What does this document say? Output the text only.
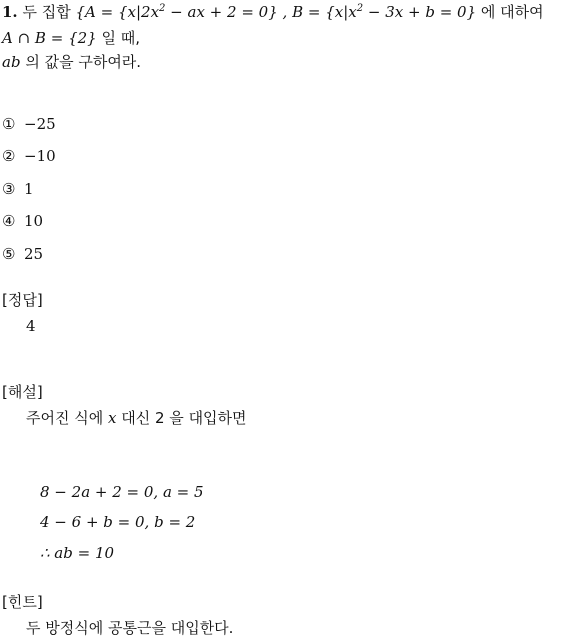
1. 두 집합 {$A = \{x|2x^2$ − ax + 2 = 0} , $B = \{x|x^2 - 3x + b = 0\}$ 에 대하여
A ∩ B = {2} 일 때,
ab 의 값을 구하여라.
① −25
② −10
③ 1
④ 10
⑤ 25
[정답]
4
[해설]
주어진 식에 x 대신 2 을 대입하면
8 − 2a + 2 = 0, a = 5
4 − 6 + b = 0, b = 2
∴ ab = 10
[힌트]
두 방정식에 공통근을 대입한다.
